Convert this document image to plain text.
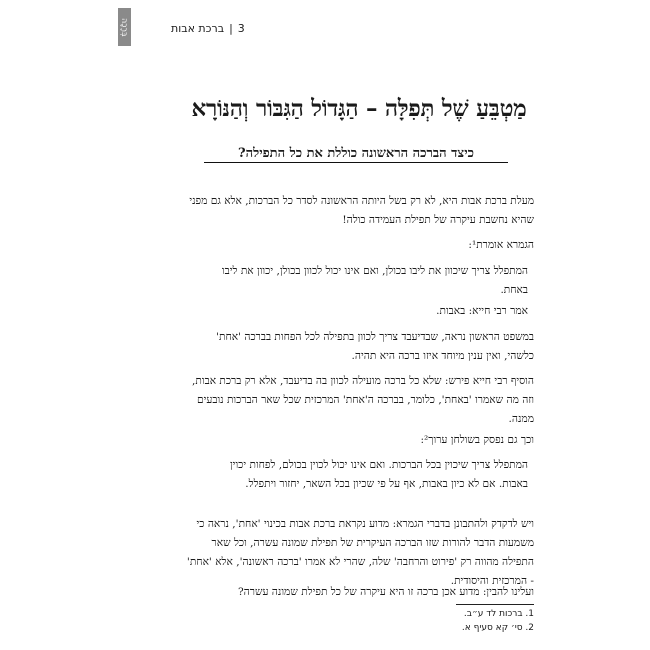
בְּרָכָה	3|ברכת אבות
מַטְבֵּעַ שֶׁל תְּפִלָּה – הַגָּדוֹל הַגִּבּוֹר וְהַנּוֹרָא
כיצד הברכה הראשונה כוללת את כל התפילה?
מעלת ברכת אבות היא, לא רק בשל היותה הראשונה לסדר כל הברכות, אלא גם מפני שהיא נחשבת עיקרה של תפילת העמידה כולה!
הגמרא אומרת¹:
המתפלל צריך שיכוון את ליבו בכולן, ואם אינו יכול לכוון בכולן, יכוון את ליבו באחת.
אמר רבי חייא: באבות.
במשפט הראשון נראה, שבדיעבד צריך לכוון בתפילה לכל הפחות בברכה 'אחת' כלשהי, ואין ענין מיוחד איזו ברכה היא תהיה.
הוסיף רבי חייא פירש: שלא כל ברכה מועילה לכוון בה בדיעבד, אלא רק ברכת אבות, וזה מה שאמרו 'באחת', כלומר, בברכה ה'אחת' המרכזית שכל שאר הברכות נובעים ממנה.
וכך גם נפסק בשולחן ערוך²:
המתפלל צריך שיכוין בכל הברכות. ואם אינו יכול לכוין בכולם, לפחות יכוין באבות. אם לא כיון באבות, אף על פי שכיון בכל השאר, יחזור ויתפלל.
ויש לדקדק ולהתבונן בדברי הגמרא: מדוע נקראת ברכת אבות בכינוי 'אחת', נראה כי משמעות הדבר להורות שזו הברכה העיקרית של תפילת שמונה עשרה, וכל שאר התפילה מהווה רק 'פירוט והרחבה' שלה, שהרי לא אמרו 'ברכה ראשונה', אלא 'אחת' - המרכזית והיסודית.
ועלינו להבין: מדוע אכן ברכה זו היא עיקרה של כל תפילת שמונה עשרה?
1. ברכות לד ע״ב.
2. סי׳ קא סעיף א.
